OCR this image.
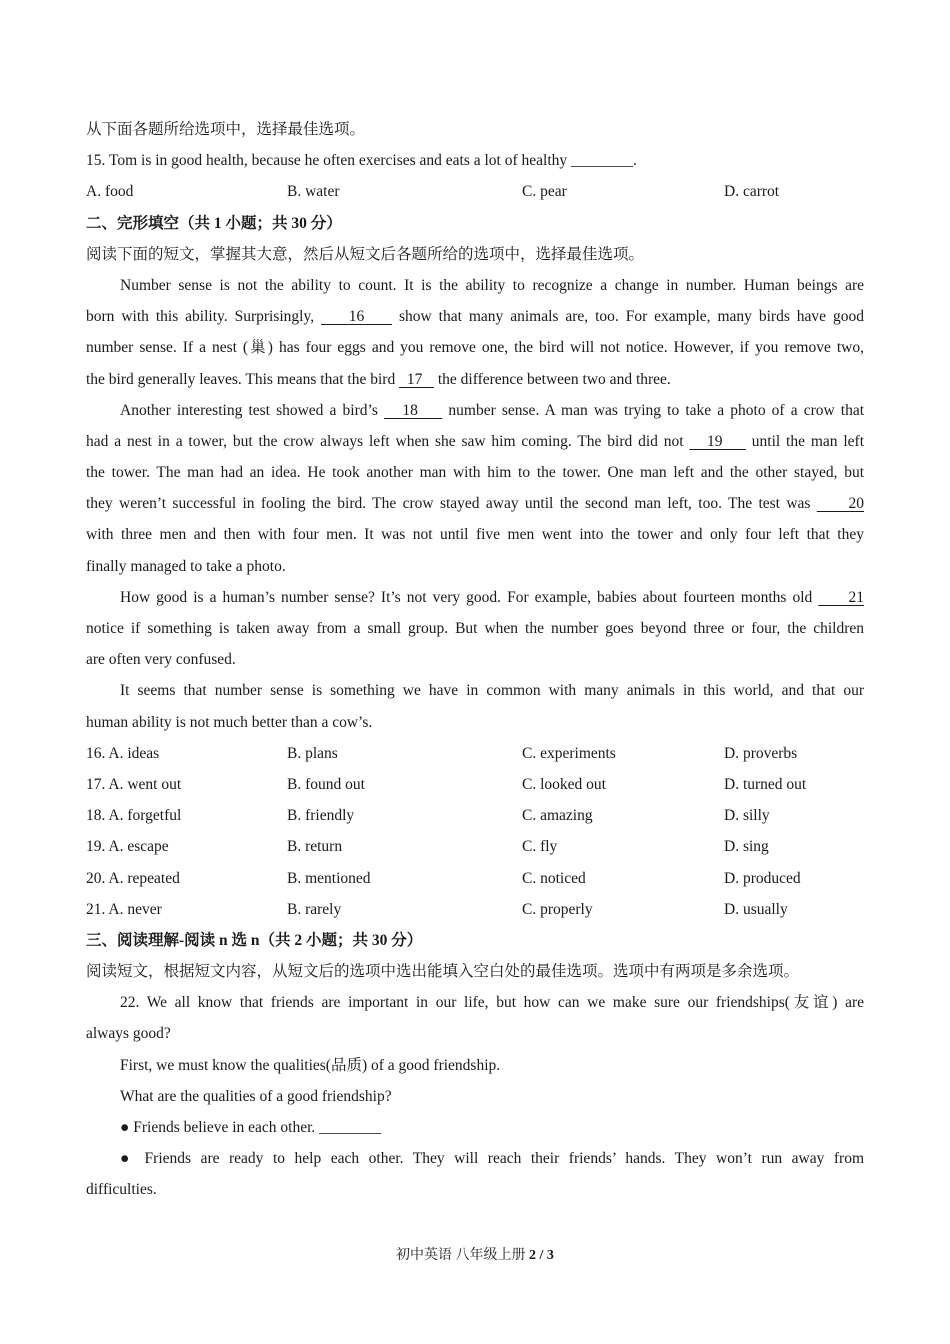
从下面各题所给选项中，选择最佳选项。
15. Tom is in good health, because he often exercises and eats a lot of healthy ________.
A. food	B. water	C. pear	D. carrot
二、完形填空（共 1 小题；共 30 分）
阅读下面的短文，掌握其大意，然后从短文后各题所给的选项中，选择最佳选项。
Number sense is not the ability to count. It is the ability to recognize a change in number. Human beings are
born with this ability. Surprisingly,     16     show that many animals are, too. For example, many birds have good
number sense. If a nest (巢) has four eggs and you remove one, the bird will not notice. However, if you remove two,
the bird generally leaves. This means that the bird   17    the difference between two and three.
Another interesting test showed a bird’s    18     number sense. A man was trying to take a photo of a crow that
had a nest in a tower, but the crow always left when she saw him coming. The bird did not    19     until the man left
the tower. The man had an idea. He took another man with him to the tower. One man left and the other stayed, but
they weren’t successful in fooling the bird. The crow stayed away until the second man left, too. The test was      20
with three men and then with four men. It was not until five men went into the tower and only four left that they
finally managed to take a photo.
How good is a human’s number sense? It’s not very good. For example, babies about fourteen months old      21
notice if something is taken away from a small group. But when the number goes beyond three or four, the children
are often very confused.
It seems that number sense is something we have in common with many animals in this world, and that our
human ability is not much better than a cow’s.
16. A. ideas	B. plans	C. experiments	D. proverbs
17. A. went out	B. found out	C. looked out	D. turned out
18. A. forgetful	B. friendly	C. amazing	D. silly
19. A. escape	B. return	C. fly	D. sing
20. A. repeated	B. mentioned	C. noticed	D. produced
21. A. never	B. rarely	C. properly	D. usually
三、阅读理解-阅读 n 选 n（共 2 小题；共 30 分）
阅读短文，根据短文内容，从短文后的选项中选出能填入空白处的最佳选项。选项中有两项是多余选项。
22. We all know that friends are important in our life, but how can we make sure our friendships(友谊) are
always good?
First, we must know the qualities(品质) of a good friendship.
What are the qualities of a good friendship?
● Friends believe in each other. ________
● Friends are ready to help each other. They will reach their friends’ hands. They won’t run away from
difficulties.
初中英语 八年级上册 2 / 3
